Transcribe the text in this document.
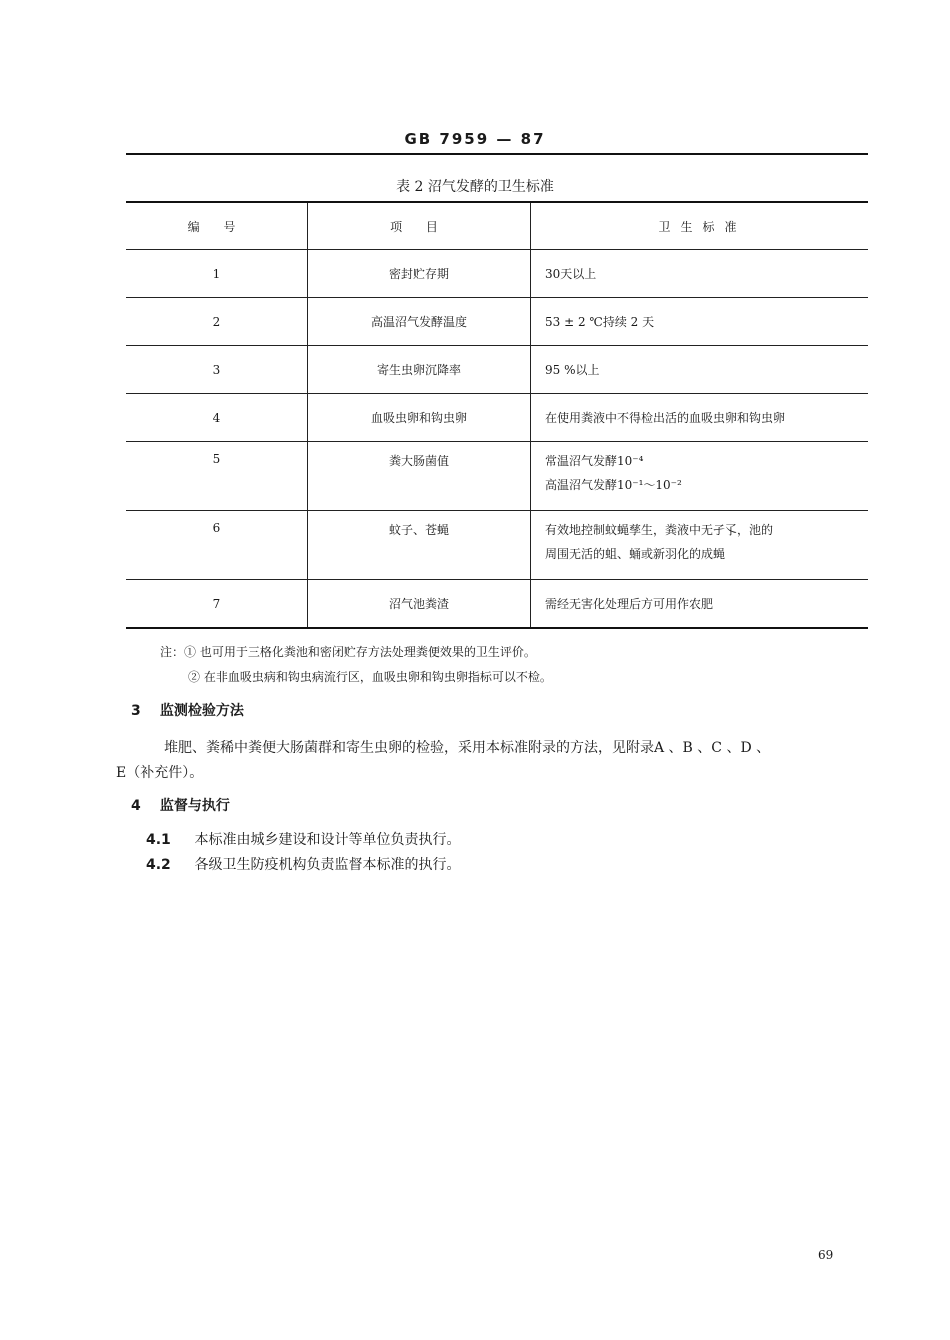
GB 7959 — 87
表 2 沼气发酵的卫生标准
编 号	项 目	卫生标准
1	密封贮存期	30天以上
2	高温沼气发酵温度	53 ± 2 ℃持续 2 天
3	寄生虫卵沉降率	95 %以上
4	血吸虫卵和钩虫卵	在使用粪液中不得检出活的血吸虫卵和钩虫卵
5	粪大肠菌值	常温沼气发酵10⁻⁴
高温沼气发酵10⁻¹～10⁻²

6	蚊子、苍蝇	有效地控制蚊蝇孳生，粪液中无孑孓，池的
周围无活的蛆、蛹或新羽化的成蝇

7	沼气池粪渣	需经无害化处理后方可用作农肥
注：① 也可用于三格化粪池和密闭贮存方法处理粪便效果的卫生评价。
② 在非血吸虫病和钩虫病流行区，血吸虫卵和钩虫卵指标可以不检。
3 监测检验方法
堆肥、粪稀中粪便大肠菌群和寄生虫卵的检验，采用本标准附录的方法，见附录A 、B 、C 、D 、
E（补充件）。
4 监督与执行
4.1 本标准由城乡建设和设计等单位负责执行。
4.2 各级卫生防疫机构负责监督本标准的执行。
69
